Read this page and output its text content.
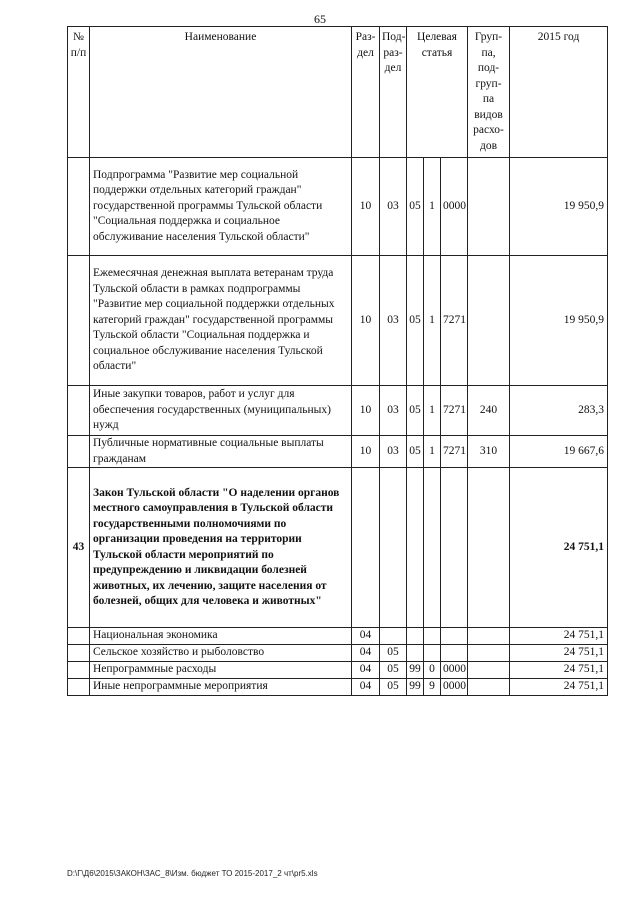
65
№ п/п	Наименование	Раз- дел	Под- раз- дел	Целевая статья			Груп- па, под- груп- па видов расхо- дов	2015 год
	Подпрограмма "Развитие мер социальной поддержки отдельных категорий граждан" государственной программы Тульской области "Социальная поддержка и социальное обслуживание населения Тульской области"	10	03	05	1	0000		19 950,9
	Ежемесячная денежная выплата ветеранам труда Тульской области в рамках подпрограммы "Развитие мер социальной поддержки отдельных категорий граждан" государственной программы Тульской области "Социальная поддержка и социальное обслуживание населения Тульской области"	10	03	05	1	7271		19 950,9
	Иные закупки товаров, работ и услуг для обеспечения государственных (муниципальных) нужд	10	03	05	1	7271	240	283,3
	Публичные нормативные социальные выплаты гражданам	10	03	05	1	7271	310	19 667,6
43	Закон Тульской области "О наделении органов местного самоуправления в Тульской области государственными полномочиями по организации проведения на территории Тульской области мероприятий по предупреждению и ликвидации болезней животных, их лечению, защите населения от болезней, общих для человека и животных"							24 751,1
	Национальная экономика	04						24 751,1
	Сельское хозяйство и рыболовство	04	05					24 751,1
	Непрограммные расходы	04	05	99	0	0000		24 751,1
	Иные непрограммные мероприятия	04	05	99	9	0000		24 751,1
D:\Г\Д6\2015\ЗАКОН\ЗАС_8\Изм. бюджет ТО 2015-2017_2 чт\pr5.xls
